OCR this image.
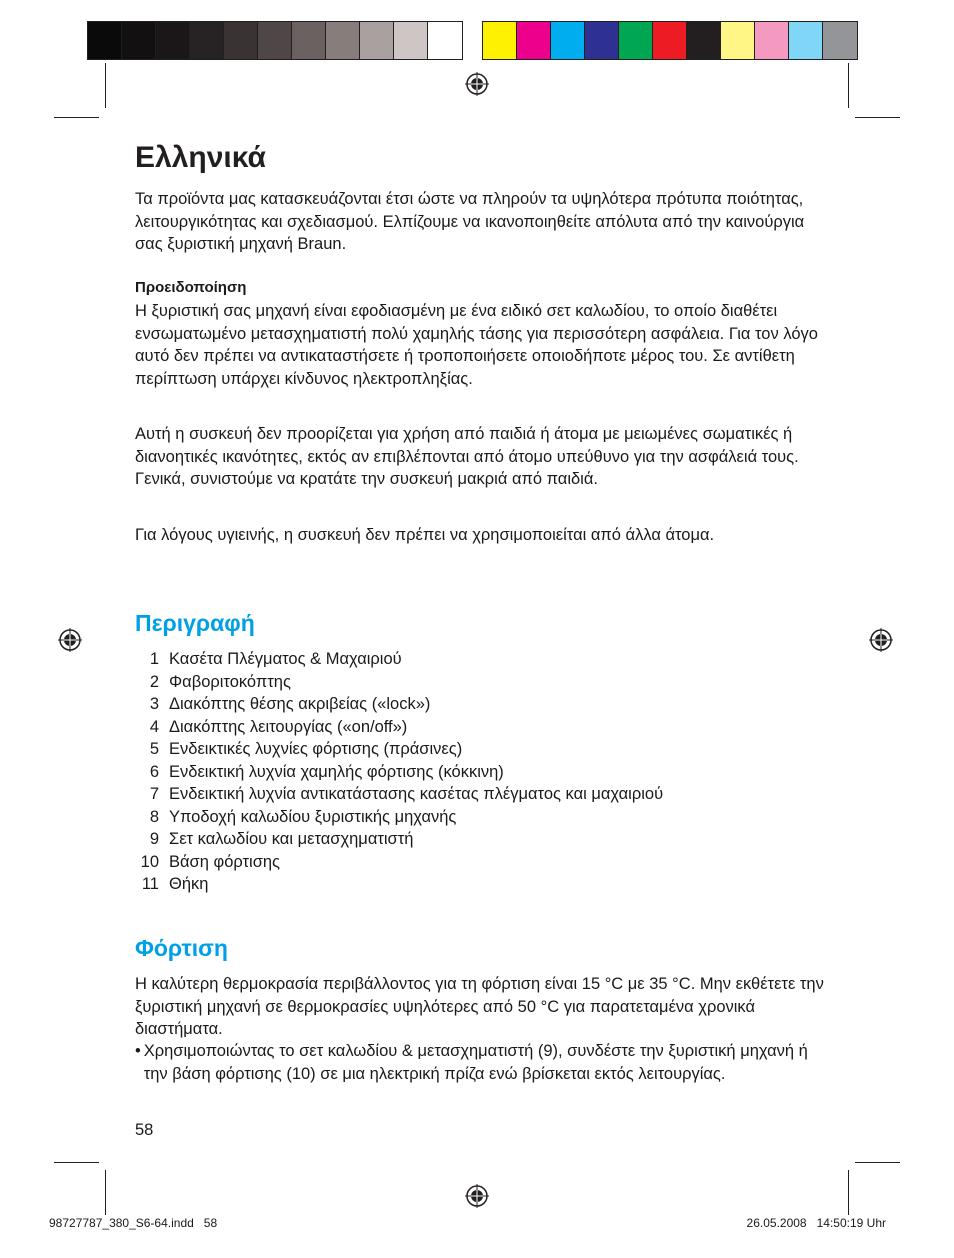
Ελληνικά

Τα προϊόντα μας κατασκευάζονται έτσι ώστε να πληρούν τα υψηλότερα πρότυπα ποιότητας, λειτουργικότητας και σχεδιασμού. Ελπίζουμε να ικανοποιηθείτε απόλυτα από την καινούργια σας ξυριστική μηχανή Braun.

Προειδοποίηση

Η ξυριστική σας μηχανή είναι εφοδιασμένη με ένα ειδικό σετ καλωδίου, το οποίο διαθέτει ενσωματωμένο μετασχηματιστή πολύ χαμηλής τάσης για περισσότερη ασφάλεια. Για τον λόγο αυτό δεν πρέπει να αντικαταστήσετε ή τροποποιήσετε οποιοδήποτε μέρος του. Σε αντίθετη περίπτωση υπάρχει κίνδυνος ηλεκτροπληξίας.

Αυτή η συσκευή δεν προορίζεται για χρήση από παιδιά ή άτομα με μειωμένες σωματικές ή διανοητικές ικανότητες, εκτός αν επιβλέπονται από άτομο υπεύθυνο για την ασφάλειά τους. Γενικά, συνιστούμε να κρατάτε την συσκευή μακριά από παιδιά.

Για λόγους υγιεινής, η συσκευή δεν πρέπει να χρησιμοποιείται από άλλα άτομα.

Περιγραφή
1 Κασέτα Πλέγματος & Μαχαιριού
2 Φαβοριτοκόπτης
3 Διακόπτης θέσης ακριβείας («lock»)
4 Διακόπτης λειτουργίας («on/off»)
5 Ενδεικτικές λυχνίες φόρτισης (πράσινες)
6 Ενδεικτική λυχνία χαμηλής φόρτισης (κόκκινη)
7 Ενδεικτική λυχνία αντικατάστασης κασέτας πλέγματος και μαχαιριού
8 Υποδοχή καλωδίου ξυριστικής μηχανής
9 Σετ καλωδίου και μετασχηματιστή
10 Βάση φόρτισης
11 Θήκη
Φόρτιση

Η καλύτερη θερμοκρασία περιβάλλοντος για τη φόρτιση είναι 15 °C με 35 °C. Μην εκθέτετε την ξυριστική μηχανή σε θερμοκρασίες υψηλότερες από 50 °C για παρατεταμένα χρονικά διαστήματα.

• Χρησιμοποιώντας το σετ καλωδίου & μετασχηματιστή (9), συνδέστε την ξυριστική μηχανή ή την βάση φόρτισης (10) σε μια ηλεκτρική πρίζα ενώ βρίσκεται εκτός λειτουργίας.
58
98727787_380_S6-64.indd   58	26.05.2008   14:50:19 Uhr
